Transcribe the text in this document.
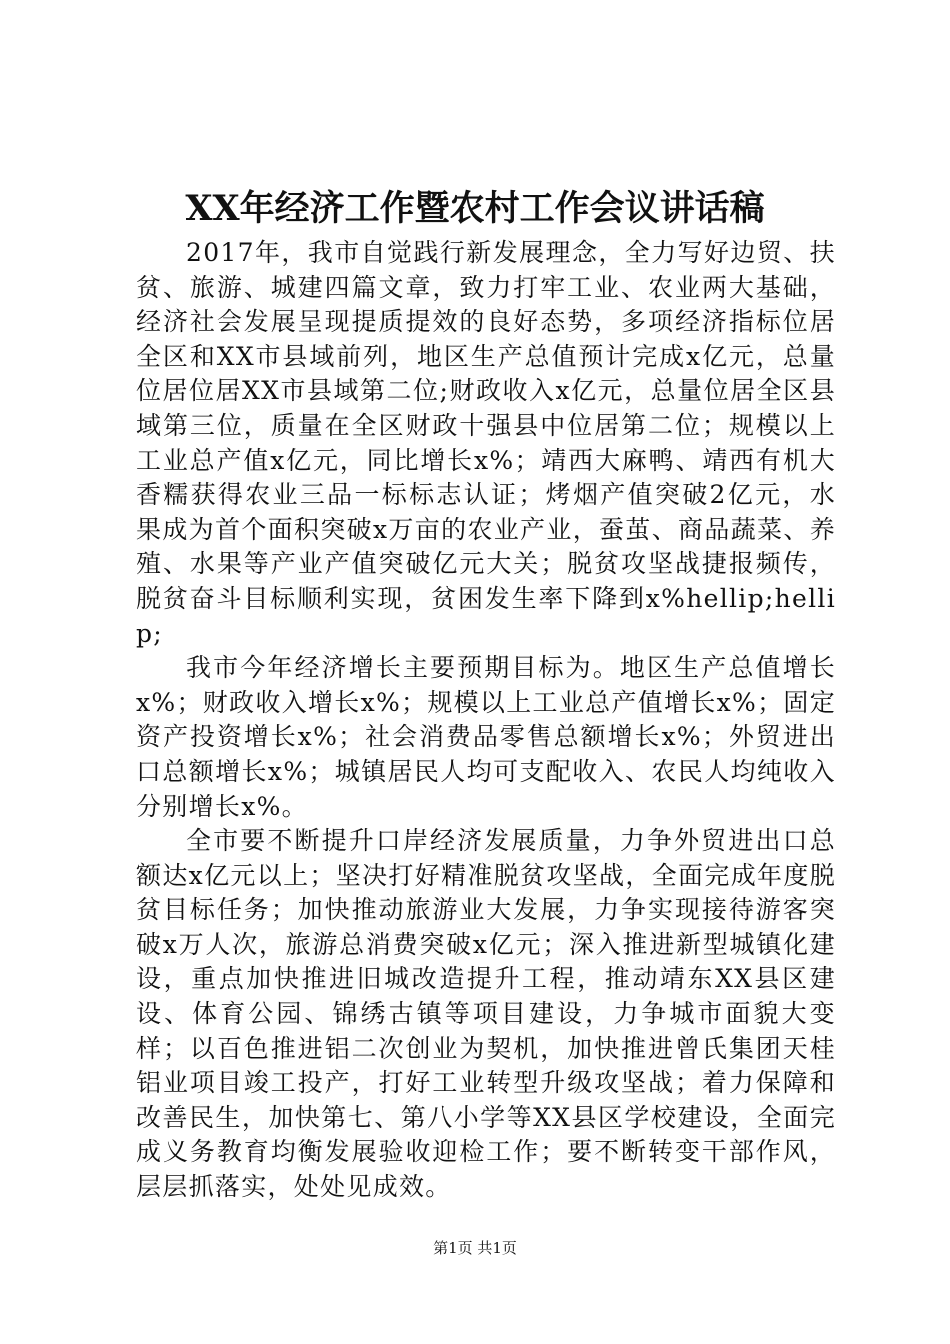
XX年经济工作暨农村工作会议讲话稿

2017年，我市自觉践行新发展理念，全力写好边贸、扶贫、旅游、城建四篇文章，致力打牢工业、农业两大基础，经济社会发展呈现提质提效的良好态势，多项经济指标位居全区和XX市县域前列，地区生产总值预计完成x亿元，总量位居位居XX市县域第二位;财政收入x亿元，总量位居全区县域第三位，质量在全区财政十强县中位居第二位；规模以上工业总产值x亿元，同比增长x%；靖西大麻鸭、靖西有机大香糯获得农业三品一标标志认证；烤烟产值突破2亿元，水果成为首个面积突破x万亩的农业产业，蚕茧、商品蔬菜、养殖、水果等产业产值突破亿元大关；脱贫攻坚战捷报频传，脱贫奋斗目标顺利实现，贫困发生率下降到x%hellip;hellip;

我市今年经济增长主要预期目标为。地区生产总值增长x%；财政收入增长x%；规模以上工业总产值增长x%；固定资产投资增长x%；社会消费品零售总额增长x%；外贸进出口总额增长x%；城镇居民人均可支配收入、农民人均纯收入分别增长x%。

全市要不断提升口岸经济发展质量，力争外贸进出口总额达x亿元以上；坚决打好精准脱贫攻坚战，全面完成年度脱贫目标任务；加快推动旅游业大发展，力争实现接待游客突破x万人次，旅游总消费突破x亿元；深入推进新型城镇化建设，重点加快推进旧城改造提升工程，推动靖东XX县区建设、体育公园、锦绣古镇等项目建设，力争城市面貌大变样；以百色推进铝二次创业为契机，加快推进曾氏集团天桂铝业项目竣工投产，打好工业转型升级攻坚战；着力保障和改善民生，加快第七、第八小学等XX县区学校建设，全面完成义务教育均衡发展验收迎检工作；要不断转变干部作风，层层抓落实，处处见成效。

第1页 共1页
